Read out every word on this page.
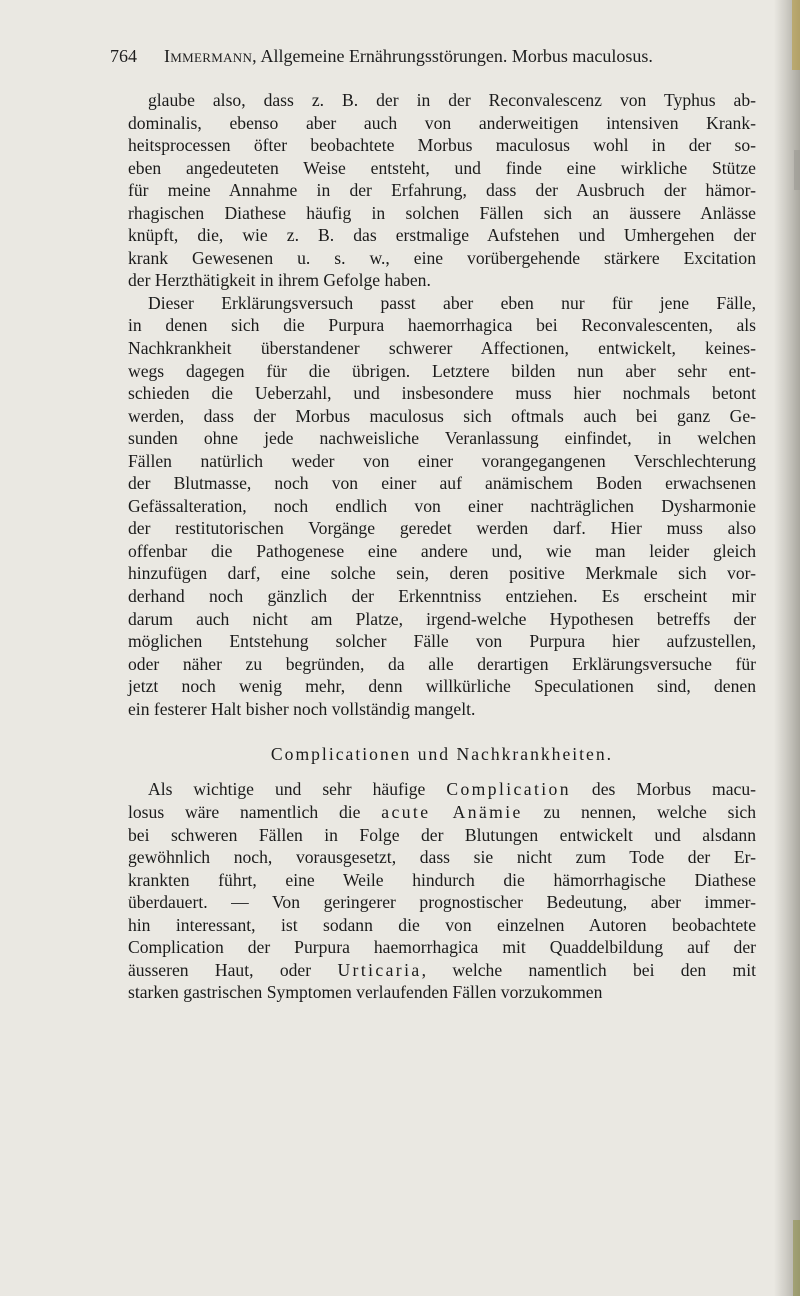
764 Immermann, Allgemeine Ernährungsstörungen. Morbus maculosus.
glaube also, dass z. B. der in der Reconvalescenz von Typhus ab-
dominalis, ebenso aber auch von anderweitigen intensiven Krank-
heitsprocessen öfter beobachtete Morbus maculosus wohl in der so-
eben angedeuteten Weise entsteht, und finde eine wirkliche Stütze
für meine Annahme in der Erfahrung, dass der Ausbruch der hämor-
rhagischen Diathese häufig in solchen Fällen sich an äussere Anlässe
knüpft, die, wie z. B. das erstmalige Aufstehen und Umhergehen der
krank Gewesenen u. s. w., eine vorübergehende stärkere Excitation
der Herzthätigkeit in ihrem Gefolge haben.
Dieser Erklärungsversuch passt aber eben nur für jene Fälle,
in denen sich die Purpura haemorrhagica bei Reconvalescenten, als
Nachkrankheit überstandener schwerer Affectionen, entwickelt, keines-
wegs dagegen für die übrigen. Letztere bilden nun aber sehr ent-
schieden die Ueberzahl, und insbesondere muss hier nochmals betont
werden, dass der Morbus maculosus sich oftmals auch bei ganz Ge-
sunden ohne jede nachweisliche Veranlassung einfindet, in welchen
Fällen natürlich weder von einer vorangegangenen Verschlechterung
der Blutmasse, noch von einer auf anämischem Boden erwachsenen
Gefässalteration, noch endlich von einer nachträglichen Dysharmonie
der restitutorischen Vorgänge geredet werden darf. Hier muss also
offenbar die Pathogenese eine andere und, wie man leider gleich
hinzufügen darf, eine solche sein, deren positive Merkmale sich vor-
derhand noch gänzlich der Erkenntniss entziehen. Es erscheint mir
darum auch nicht am Platze, irgend-welche Hypothesen betreffs der
möglichen Entstehung solcher Fälle von Purpura hier aufzustellen,
oder näher zu begründen, da alle derartigen Erklärungsversuche für
jetzt noch wenig mehr, denn willkürliche Speculationen sind, denen
ein festerer Halt bisher noch vollständig mangelt.
Complicationen und Nachkrankheiten.
Als wichtige und sehr häufige Complication des Morbus macu-
losus wäre namentlich die acute Anämie zu nennen, welche sich
bei schweren Fällen in Folge der Blutungen entwickelt und alsdann
gewöhnlich noch, vorausgesetzt, dass sie nicht zum Tode der Er-
krankten führt, eine Weile hindurch die hämorrhagische Diathese
überdauert. — Von geringerer prognostischer Bedeutung, aber immer-
hin interessant, ist sodann die von einzelnen Autoren beobachtete
Complication der Purpura haemorrhagica mit Quaddelbildung auf der
äusseren Haut, oder Urticaria, welche namentlich bei den mit
starken gastrischen Symptomen verlaufenden Fällen vorzukommen
